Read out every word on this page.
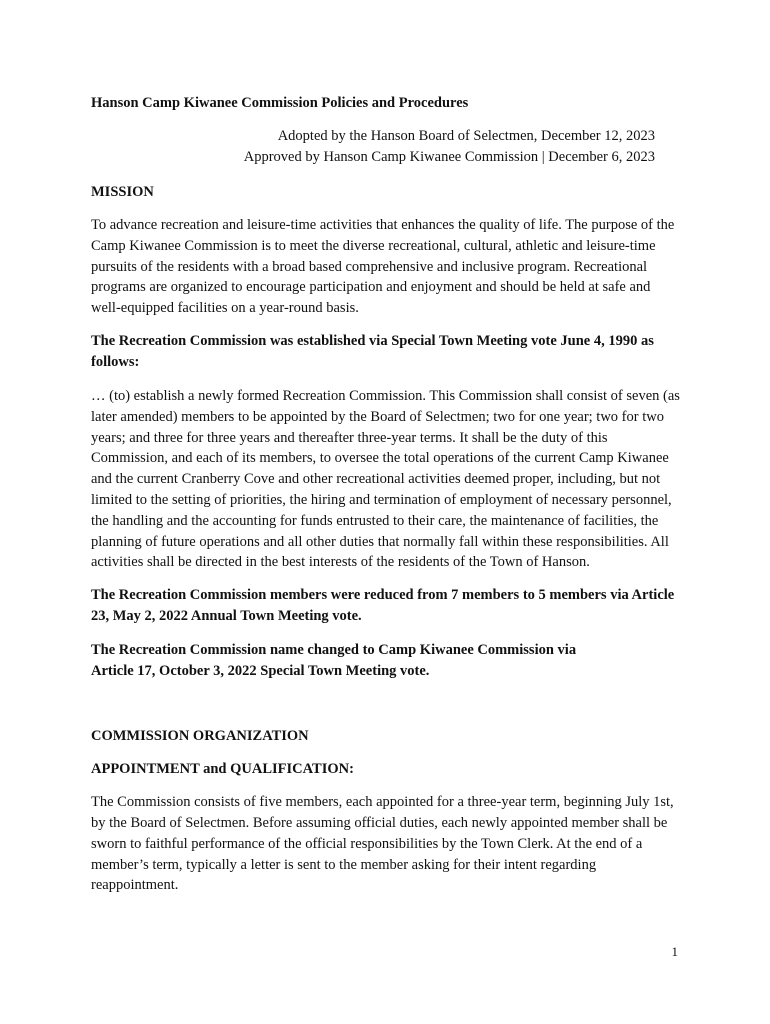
Hanson Camp Kiwanee Commission Policies and Procedures

Adopted by the Hanson Board of Selectmen, December 12, 2023

Approved by Hanson Camp Kiwanee Commission | December 6, 2023

MISSION

To advance recreation and leisure-time activities that enhances the quality of life. The purpose of the Camp Kiwanee Commission is to meet the diverse recreational, cultural, athletic and leisure-time pursuits of the residents with a broad based comprehensive and inclusive program. Recreational programs are organized to encourage participation and enjoyment and should be held at safe and well-equipped facilities on a year-round basis.

The Recreation Commission was established via Special Town Meeting vote June 4, 1990 as follows:

… (to) establish a newly formed Recreation Commission. This Commission shall consist of seven (as later amended) members to be appointed by the Board of Selectmen; two for one year; two for two years; and three for three years and thereafter three-year terms. It shall be the duty of this Commission, and each of its members, to oversee the total operations of the current Camp Kiwanee and the current Cranberry Cove and other recreational activities deemed proper, including, but not limited to the setting of priorities, the hiring and termination of employment of necessary personnel, the handling and the accounting for funds entrusted to their care, the maintenance of facilities, the planning of future operations and all other duties that normally fall within these responsibilities. All activities shall be directed in the best interests of the residents of the Town of Hanson.

The Recreation Commission members were reduced from 7 members to 5 members via Article 23, May 2, 2022 Annual Town Meeting vote.

The Recreation Commission name changed to Camp Kiwanee Commission via

Article 17, October 3, 2022 Special Town Meeting vote.

COMMISSION ORGANIZATION
APPOINTMENT and QUALIFICATION:

The Commission consists of five members, each appointed for a three-year term, beginning July 1st, by the Board of Selectmen. Before assuming official duties, each newly appointed member shall be sworn to faithful performance of the official responsibilities by the Town Clerk. At the end of a member’s term, typically a letter is sent to the member asking for their intent regarding reappointment.

1
